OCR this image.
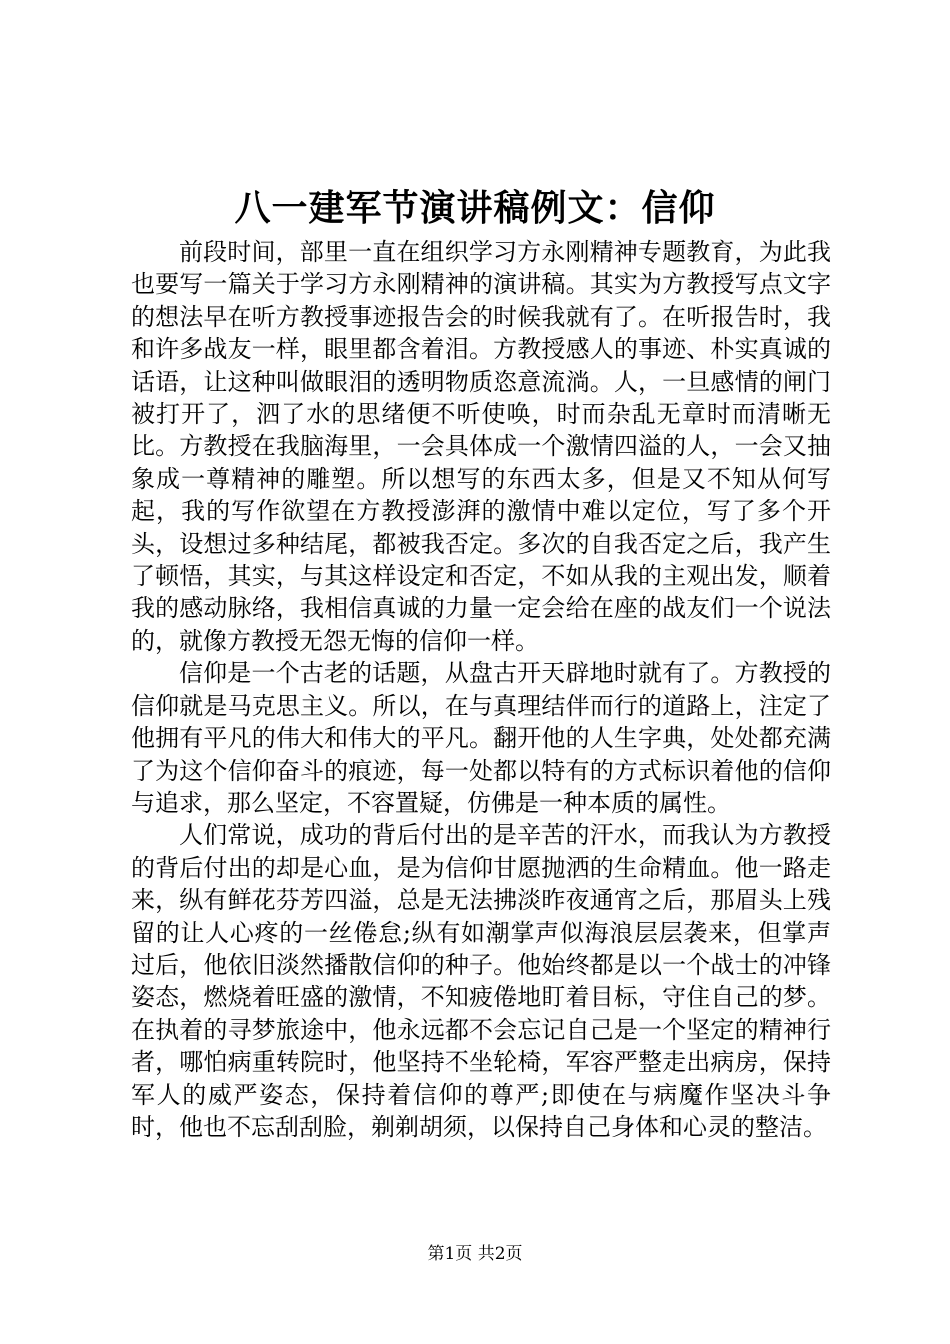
八一建军节演讲稿例文：信仰

前段时间，部里一直在组织学习方永刚精神专题教育，为此我也要写一篇关于学习方永刚精神的演讲稿。其实为方教授写点文字的想法早在听方教授事迹报告会的时候我就有了。在听报告时，我和许多战友一样，眼里都含着泪。方教授感人的事迹、朴实真诚的话语，让这种叫做眼泪的透明物质恣意流淌。人，一旦感情的闸门被打开了，泗了水的思绪便不听使唤，时而杂乱无章时而清晰无比。方教授在我脑海里，一会具体成一个激情四溢的人，一会又抽象成一尊精神的雕塑。所以想写的东西太多，但是又不知从何写起，我的写作欲望在方教授澎湃的激情中难以定位，写了多个开头，设想过多种结尾，都被我否定。多次的自我否定之后，我产生了顿悟，其实，与其这样设定和否定，不如从我的主观出发，顺着我的感动脉络，我相信真诚的力量一定会给在座的战友们一个说法的，就像方教授无怨无悔的信仰一样。

信仰是一个古老的话题，从盘古开天辟地时就有了。方教授的信仰就是马克思主义。所以，在与真理结伴而行的道路上，注定了他拥有平凡的伟大和伟大的平凡。翻开他的人生字典，处处都充满了为这个信仰奋斗的痕迹，每一处都以特有的方式标识着他的信仰与追求，那么坚定，不容置疑，仿佛是一种本质的属性。

人们常说，成功的背后付出的是辛苦的汗水，而我认为方教授的背后付出的却是心血，是为信仰甘愿抛洒的生命精血。他一路走来，纵有鲜花芬芳四溢，总是无法拂淡昨夜通宵之后，那眉头上残留的让人心疼的一丝倦怠;纵有如潮掌声似海浪层层袭来，但掌声过后，他依旧淡然播散信仰的种子。他始终都是以一个战士的冲锋姿态，燃烧着旺盛的激情，不知疲倦地盯着目标，守住自己的梦。在执着的寻梦旅途中，他永远都不会忘记自己是一个坚定的精神行者，哪怕病重转院时，他坚持不坐轮椅，军容严整走出病房，保持军人的威严姿态，保持着信仰的尊严;即使在与病魔作坚决斗争时，他也不忘刮刮脸，剃剃胡须，以保持自己身体和心灵的整洁。

第1页 共2页
